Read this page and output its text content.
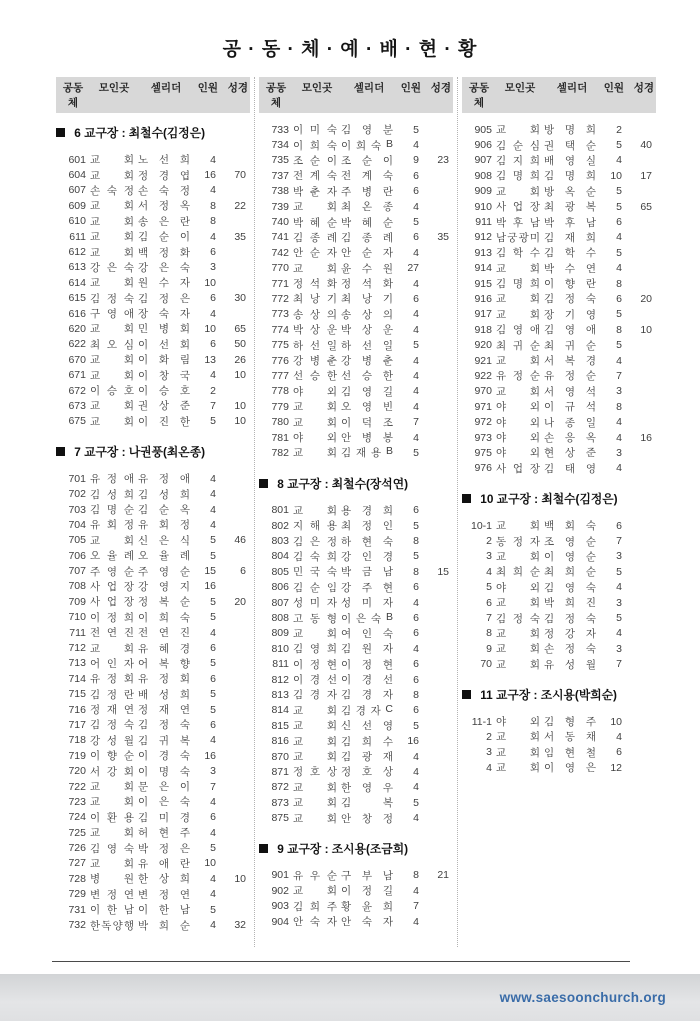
공 · 동 · 체 · 예 · 배 · 현 · 황
공동체
모인곳	셀리더	인원 성경
6 교구장 : 최철수(김정은)
601 교 회 노 선 희	4
604 교 회 정 경 엽	16	70
607 손 숙 정 손 숙 정	4
609 교 회 서 정 옥	8	22
610 교 회 송 은 란	8
611 교 회 김 순 이	4	35
612 교 회 백 정 화	6
613 강 은 숙 강 은 숙	3
614 교 회 원 수 자	10
615 김 정 숙 김 정 은	6	30
616 구 영 애 장 숙 자	4
620 교 회 민 병 회	10	65
622 최 오 심 이 선 회	6	50
670 교 회 이 화 림	13	26
671 교 회 이 창 국	4	10
672 이 승 호 이 승 호	2
673 교 회 권 상 준	7	10
675 교 회 이 진 한	5	10
7 교구장 : 나권풍(최온종)
701 유 정 애 유 정 애	4
702 김 성 희 김 성 희	4
703 김 명 순 김 순 옥	4
704 유 회 정 유 회 정	4
705 교 회 신 은 식	5	46
706 오 율 례 오 율 례	5
707 주 영 순 주 영 순	15	6
708 사 업 장 강 영 지	16
709 사 업 장 정 복 순	5	20
710 이 정 희 이 희 숙	5
711 전 연 진 전 연 진	4
712 교 회 유 혜 경	6
713 어 인 자 어 복 향	5
714 유 정 회 유 정 회	6
715 김 정 란 배 성 희	5
716 정 재 연 정 재 연	5
717 김 정 숙 김 정 숙	6
718 강 성 월 김 귀 복	4
719 이 향 순 이 경 숙	16
720 서 강 회 이 명 숙	3
722 교 회 문 은 이	7
723 교 회 이 은 숙	4
724 이 환 용 김 미 경	6
725 교 회 허 현 주	4
726 김 영 숙 박 정 은	5
727 교 회 유 애 란	10
728 병 원 한 상 희	4	10
729 변 정 연 변 정 연	4
731 이 한 남 이 한 남	5
732 한 독 양 행 박 희 순	4	32
공동체
모인곳	셀리더	인원 성경
733 이 미 숙 김 영 분	5
734 이 희 숙 이 희 숙 B	4
735 조 순 이 조 순 이	9	23
737 전 계 숙 전 계 숙	6
738 박 춘 자 주 병 란	6
739 교 회 최 온 종	4
740 박 혜 순 박 혜 순	5
741 김 종 례 김 종 례	6	35
742 안 순 자 안 순 자	4
770 교 회 윤 수 원	27
771 정 석 화 정 석 화	4
772 최 낭 기 최 낭 기	6
773 송 상 의 송 상 의	4
774 박 상 운 박 상 운	4
775 하 선 일 하 선 일	5
776 강 병 춘 강 병 춘	4
777 선 승 한 선 승 한	4
778 야 외 김 영 길	4
779 교 회 오 영 빈	4
780 교 회 이 덕 조	7
781 야 외 안 병 봉	4
782 교 회 김 재 용 B	5
8 교구장 : 최철수(장석연)
801 교 회 용 경 희	6
802 지 해 용 최 정 인	5
803 김 은 정 하 현 숙	8
804 김 숙 희 강 인 경	5
805 민 국 숙 박 금 남	8	15
806 김 순 임 강 주 현	6
807 성 미 자 성 미 자	4
808 고 동 형 이 은 숙 B	6
809 교 회 여 인 숙	6
810 김 영 희 김 원 자	4
811 이 정 현 이 정 현	6
812 이 경 선 이 경 선	6
813 김 경 자 김 경 자	8
814 교 회 김 경 자 C	6
815 교 회 신 선 영	5
816 교 회 김 희 수	16
870 교 회 김 광 재	4
871 정 호 상 정 호 상	4
872 교 회 한 영 우	4
873 교 회 김	복	5
875 교 회 안 창 정	4
9 교구장 : 조시용(조금희)
901 유 우 순 구 부 남	8	21
902 교 회 이 정 길	4
903 김 희 주 황 윤 희	7
904 안 숙 자 안 숙 자	4
공동체
모인곳	셀리더	인원 성경
905 교 회 방 명 희	2
906 김 순 심 권 택 순	5	40
907 김 지 희 배 영 실	4
908 김 명 희 김 명 희	10	17
909 교 회 방 옥 순	5
910 사 업 장 최 광 복	5	65
911 박 후 남 박 후 남	6
912 남 궁 광 미 김 재 희	4
913 김 학 수 김 학 수	5
914 교 회 박 수 연	4
915 김 명 희 이 향 란	8
916 교 회 김 정 숙	6	20
917 교 회 장 기 영	5
918 김 영 애 김 영 애	8	10
920 최 귀 순 최 귀 순	5
921 교 회 서 복 경	4
922 유 정 순 유 정 순	7
970 교 회 서 영 석	3
971 야 외 이 규 석	8
972 야 외 나 종 일	4
973 야 외 손 응 옥	4	16
975 야 외 현 상 준	3
976 사 업 장 김 태 영	4
10 교구장 : 최철수(김정은)
10-1 교 회 백 회 숙	6
2 동 정 자 조 영 순	7
3 교 회 이 영 순	3
4 최 희 순 최 희 순	5
5 야 외 김 영 숙	4
6 교 회 박 희 진	3
7 김 정 숙 김 정 숙	5
8 교 회 정 강 자	4
9 교 회 손 정 숙	3
70 교 회 유 성 월	7
11 교구장 : 조시용(박희순)
11-1 야 외 김 형 주	10
2 교 회 서 동 채	4
3 교 회 임 현 철	6
4 교 회 이 영 은	12
www.saesoonchurch.org
